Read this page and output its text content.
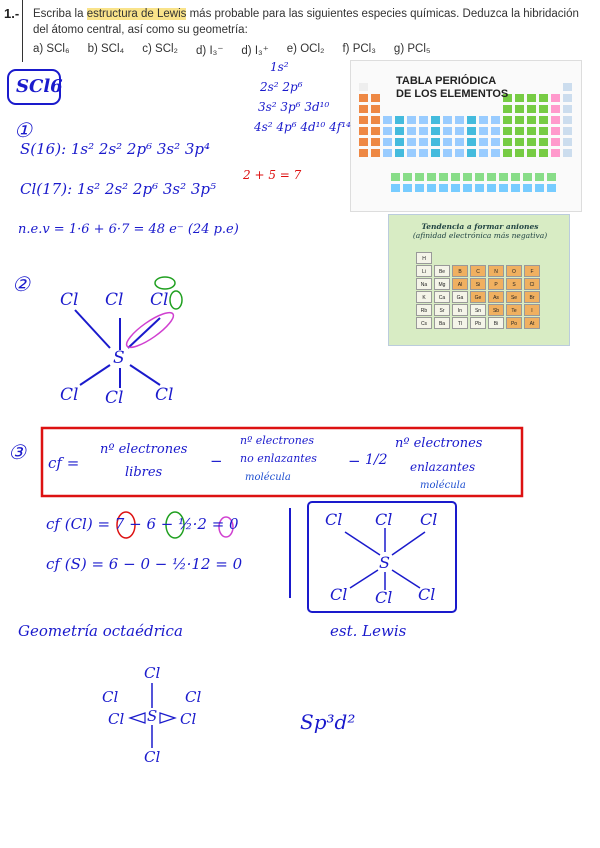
1.- Escriba la estructura de Lewis más probable para las siguientes especies químicas. Deduzca la hibridación del átomo central, así como su geometría:
a) SCl₆ b) SCl₄ c) SCl₂ d) I₃⁻ d) I₃⁺ e) OCl₂ f) PCl₃ g) PCl₅
TABLA PERIÓDICA
DE LOS ELEMENTOS
Tendencia a formar aniones
(afinidad electrónica más negativa)
H
Li	Be	B	C	N	O	F
Na	Mg	Al	Si	P	S	Cl
K	Ca	Ga	Ge	As	Se	Br
Rb	Sr	In	Sn	Sb	Te	I
Cs	Ba	Tl	Pb	Bi	Po	At
SCl6
①
S(16): 1s² 2s² 2p⁶ 3s² 3p⁴
Cl(17): 1s² 2s² 2p⁶ 3s² 3p⁵
2 + 5 = 7
n.e.v = 1·6 + 6·7 = 48 e⁻ (24 p.e)
1s²
2s² 2p⁶
3s² 3p⁶ 3d¹⁰
4s² 4p⁶ 4d¹⁰ 4f¹⁴
②
Cl Cl Cl
S
Cl Cl Cl
③ cf =
nº electrones
libres
−
nº electrones
no enlazantes
molécula
− 1/2
nº electrones
enlazantes
molécula
cf (Cl) = 7 − 6 − ½·2 = 0
cf (S) = 6 − 0 − ½·12 = 0
Cl Cl Cl
S
Cl Cl Cl
Geometría octaédrica	est. Lewis
Cl
Cl	Cl
Cl S Cl
Cl
Sp³d²
